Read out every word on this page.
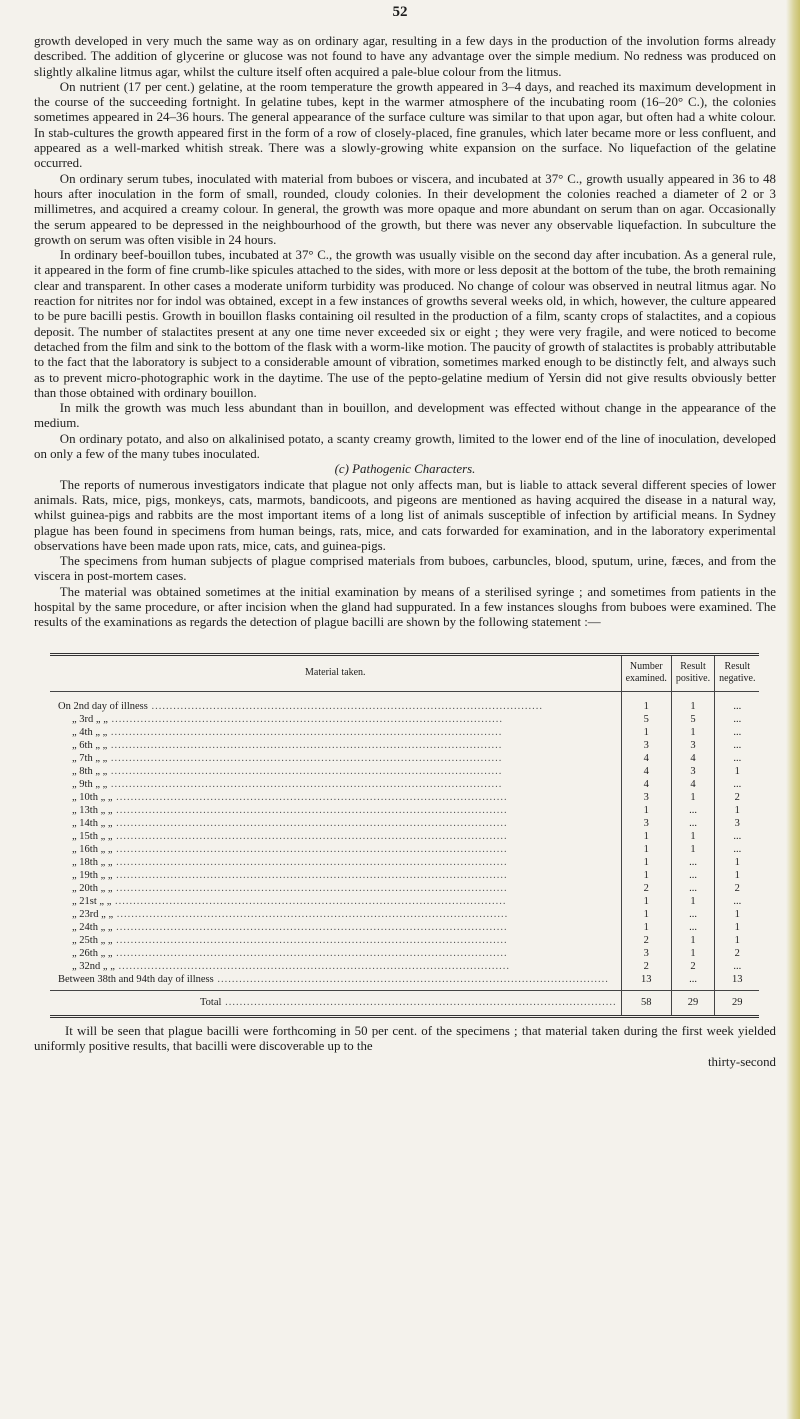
52

growth developed in very much the same way as on ordinary agar, resulting in a few days in the production of the involution forms already described. The addition of glycerine or glucose was not found to have any advantage over the simple medium. No redness was produced on slightly alkaline litmus agar, whilst the culture itself often acquired a pale-blue colour from the litmus.

On nutrient (17 per cent.) gelatine, at the room temperature the growth appeared in 3–4 days, and reached its maximum development in the course of the succeeding fortnight. In gelatine tubes, kept in the warmer atmosphere of the incubating room (16–20° C.), the colonies sometimes appeared in 24–36 hours. The general appearance of the surface culture was similar to that upon agar, but often had a white colour. In stab-cultures the growth appeared first in the form of a row of closely-placed, fine granules, which later became more or less confluent, and appeared as a well-marked whitish streak. There was a slowly-growing white expansion on the surface. No liquefaction of the gelatine occurred.

On ordinary serum tubes, inoculated with material from buboes or viscera, and incubated at 37° C., growth usually appeared in 36 to 48 hours after inoculation in the form of small, rounded, cloudy colonies. In their development the colonies reached a diameter of 2 or 3 millimetres, and acquired a creamy colour. In general, the growth was more opaque and more abundant on serum than on agar. Occasionally the serum appeared to be depressed in the neighbourhood of the growth, but there was never any observable liquefaction. In subculture the growth on serum was often visible in 24 hours.

In ordinary beef-bouillon tubes, incubated at 37° C., the growth was usually visible on the second day after incubation. As a general rule, it appeared in the form of fine crumb-like spicules attached to the sides, with more or less deposit at the bottom of the tube, the broth remaining clear and transparent. In other cases a moderate uniform turbidity was produced. No change of colour was observed in neutral litmus agar. No reaction for nitrites nor for indol was obtained, except in a few instances of growths several weeks old, in which, however, the culture appeared to be pure bacilli pestis. Growth in bouillon flasks containing oil resulted in the production of a film, scanty crops of stalactites, and a copious deposit. The number of stalactites present at any one time never exceeded six or eight ; they were very fragile, and were noticed to become detached from the film and sink to the bottom of the flask with a worm-like motion. The paucity of growth of stalactites is probably attributable to the fact that the laboratory is subject to a considerable amount of vibration, sometimes marked enough to be distinctly felt, and always such as to prevent micro-photographic work in the daytime. The use of the pepto-gelatine medium of Yersin did not give results obviously better than those obtained with ordinary bouillon.

In milk the growth was much less abundant than in bouillon, and development was effected without change in the appearance of the medium.

On ordinary potato, and also on alkalinised potato, a scanty creamy growth, limited to the lower end of the line of inoculation, developed on only a few of the many tubes inoculated.

(c) Pathogenic Characters.

The reports of numerous investigators indicate that plague not only affects man, but is liable to attack several different species of lower animals. Rats, mice, pigs, monkeys, cats, marmots, bandicoots, and pigeons are mentioned as having acquired the disease in a natural way, whilst guinea-pigs and rabbits are the most important items of a long list of animals susceptible of infection by artificial means. In Sydney plague has been found in specimens from human beings, rats, mice, and cats forwarded for examination, and in the laboratory experimental observations have been made upon rats, mice, cats, and guinea-pigs.

The specimens from human subjects of plague comprised materials from buboes, carbuncles, blood, sputum, urine, fæces, and from the viscera in post-mortem cases.

The material was obtained sometimes at the initial examination by means of a sterilised syringe ; and sometimes from patients in the hospital by the same procedure, or after incision when the gland had suppurated. In a few instances sloughs from buboes were examined. The results of the examinations as regards the detection of plague bacilli are shown by the following statement :—

Material taken.	Number examined.	Result positive.	Result negative.
On 2nd day of illness .....	1	1	...
„ 3rd „ „ .....	5	5	...
„ 4th „ „ .....	1	1	...
„ 6th „ „ .....	3	3	...
„ 7th „ „ .....	4	4	...
„ 8th „ „ .....	4	3	1
„ 9th „ „ .....	4	4	...
„ 10th „ „ .....	3	1	2
„ 13th „ „ .....	1	...	1
„ 14th „ „ .....	3	...	3
„ 15th „ „ .....	1	1	...
„ 16th „ „ .....	1	1	...
„ 18th „ „ .....	1	...	1
„ 19th „ „ .....	1	...	1
„ 20th „ „ .....	2	...	2
„ 21st „ „ .....	1	1	...
„ 23rd „ „ .....	1	...	1
„ 24th „ „ .....	1	...	1
„ 25th „ „ .....	2	1	1
„ 26th „ „ .....	3	1	2
„ 32nd „ „ .....	2	2	...
Between 38th and 94th day of illness .....	13	...	13
Total .....	58	29	29

It will be seen that plague bacilli were forthcoming in 50 per cent. of the specimens ; that material taken during the first week yielded uniformly positive results, that bacilli were discoverable up to the

thirty-second
